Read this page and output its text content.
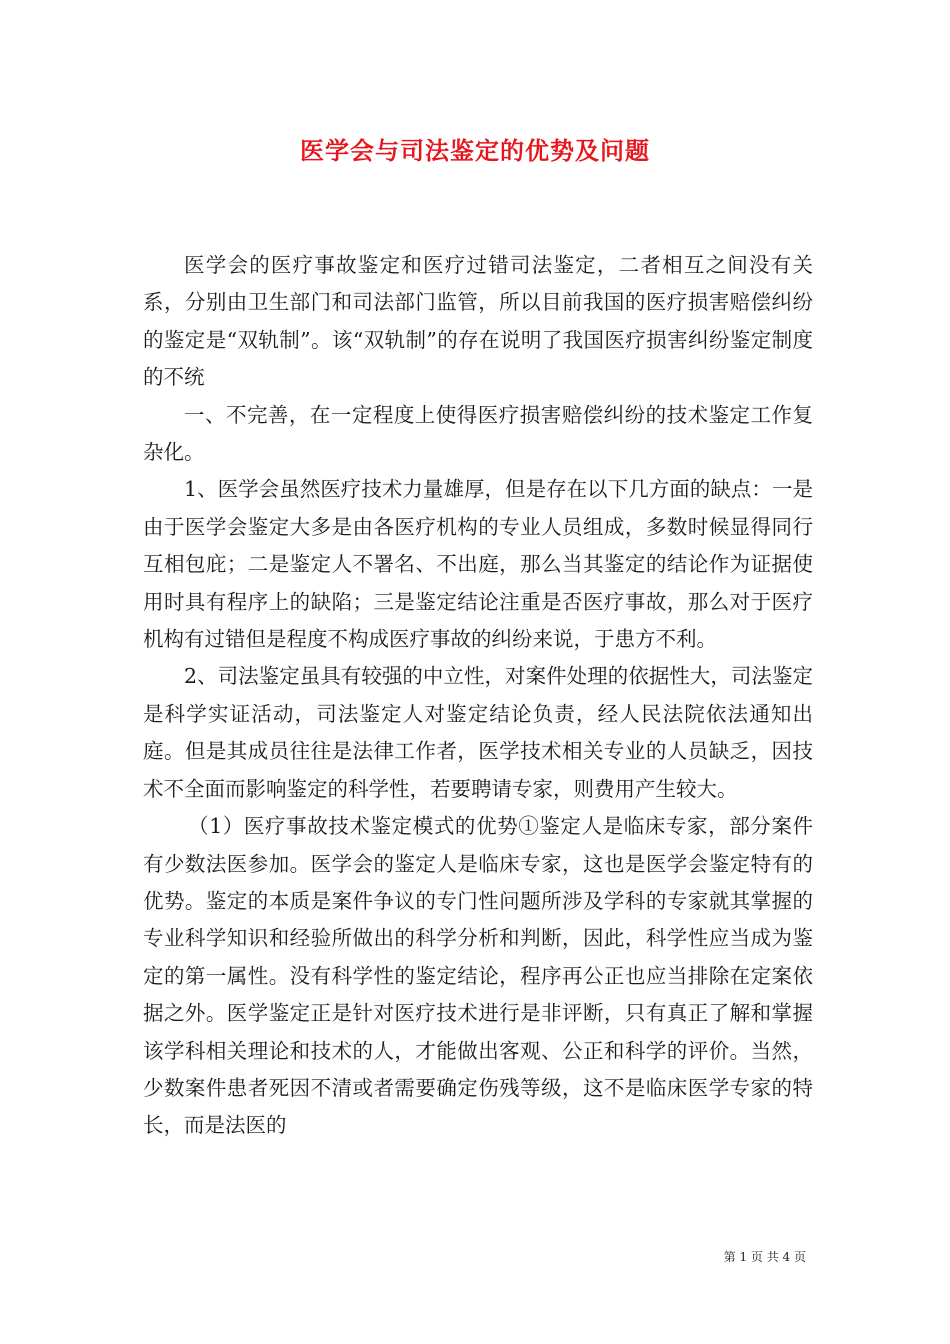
医学会与司法鉴定的优势及问题

医学会的医疗事故鉴定和医疗过错司法鉴定，二者相互之间没有关系，分别由卫生部门和司法部门监管，所以目前我国的医疗损害赔偿纠纷的鉴定是“双轨制”。该“双轨制”的存在说明了我国医疗损害纠纷鉴定制度的不统

一、不完善，在一定程度上使得医疗损害赔偿纠纷的技术鉴定工作复杂化。

1、医学会虽然医疗技术力量雄厚，但是存在以下几方面的缺点：一是由于医学会鉴定大多是由各医疗机构的专业人员组成，多数时候显得同行互相包庇；二是鉴定人不署名、不出庭，那么当其鉴定的结论作为证据使用时具有程序上的缺陷；三是鉴定结论注重是否医疗事故，那么对于医疗机构有过错但是程度不构成医疗事故的纠纷来说，于患方不利。

2、司法鉴定虽具有较强的中立性，对案件处理的依据性大，司法鉴定是科学实证活动，司法鉴定人对鉴定结论负责，经人民法院依法通知出庭。但是其成员往往是法律工作者，医学技术相关专业的人员缺乏，因技术不全面而影响鉴定的科学性，若要聘请专家，则费用产生较大。

（1）医疗事故技术鉴定模式的优势①鉴定人是临床专家，部分案件有少数法医参加。医学会的鉴定人是临床专家，这也是医学会鉴定特有的优势。鉴定的本质是案件争议的专门性问题所涉及学科的专家就其掌握的专业科学知识和经验所做出的科学分析和判断，因此，科学性应当成为鉴定的第一属性。没有科学性的鉴定结论，程序再公正也应当排除在定案依据之外。医学鉴定正是针对医疗技术进行是非评断，只有真正了解和掌握该学科相关理论和技术的人，才能做出客观、公正和科学的评价。当然，少数案件患者死因不清或者需要确定伤残等级，这不是临床医学专家的特长，而是法医的

第 1 页 共 4 页
